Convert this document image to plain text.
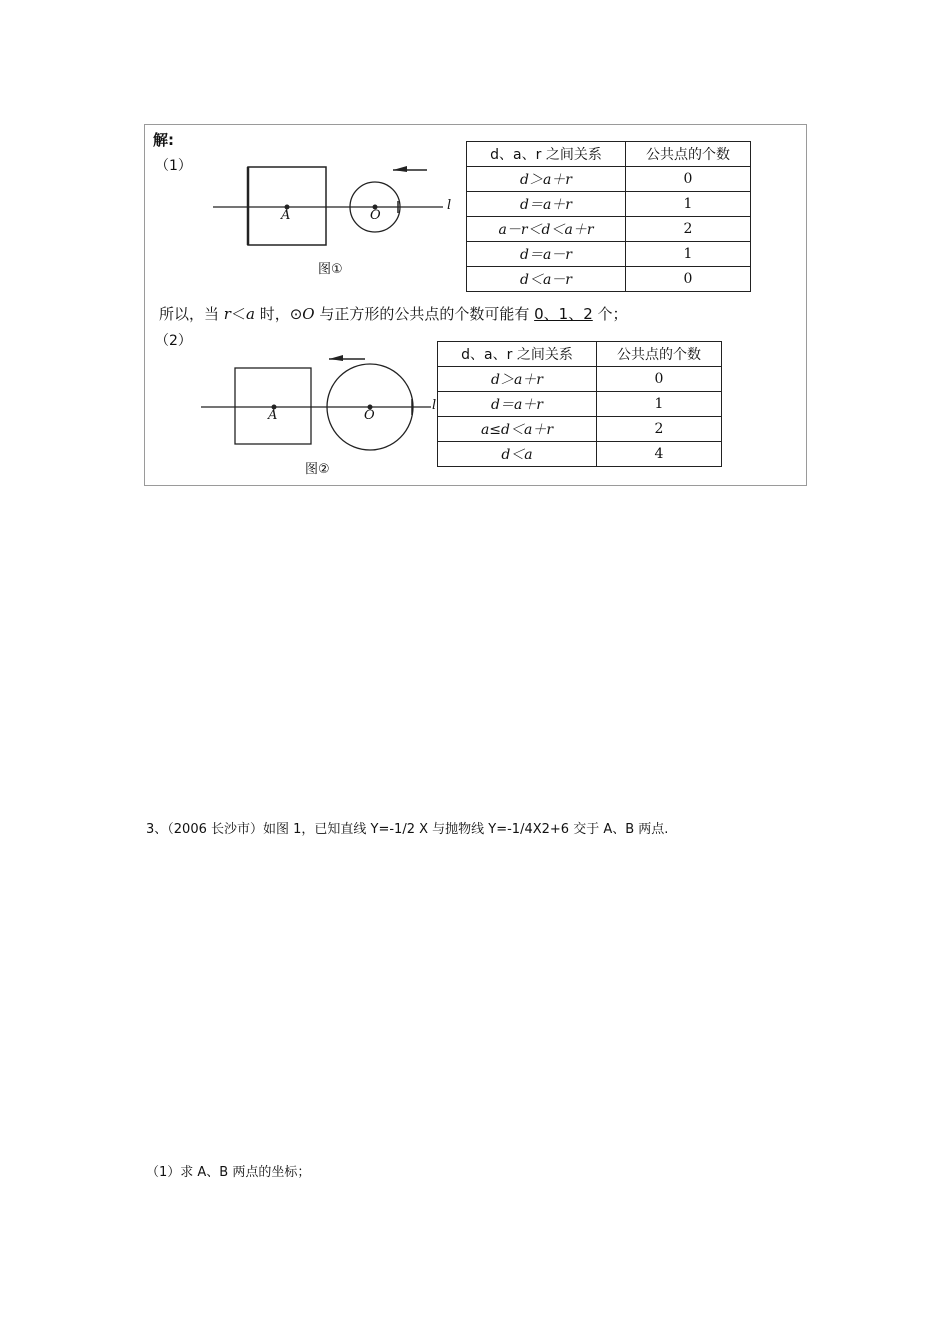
解:
（1）
A	O
l
图①
d、a、r 之间关系	公共点的个数
d＞a＋r	0
d＝a＋r	1
a－r＜d＜a＋r	2
d＝a－r	1
d＜a－r	0
所以，当 r＜a 时，⊙O 与正方形的公共点的个数可能有 0、1、2 个；
（2）
A	O
l
图②
d、a、r 之间关系	公共点的个数
d＞a＋r	0
d＝a＋r	1
a≤d＜a＋r	2
d＜a	4
3、（2006 长沙市）如图 1，已知直线 Y=-1/2 X 与抛物线 Y=-1/4X2+6 交于 A、B 两点.
（1）求 A、B 两点的坐标；
